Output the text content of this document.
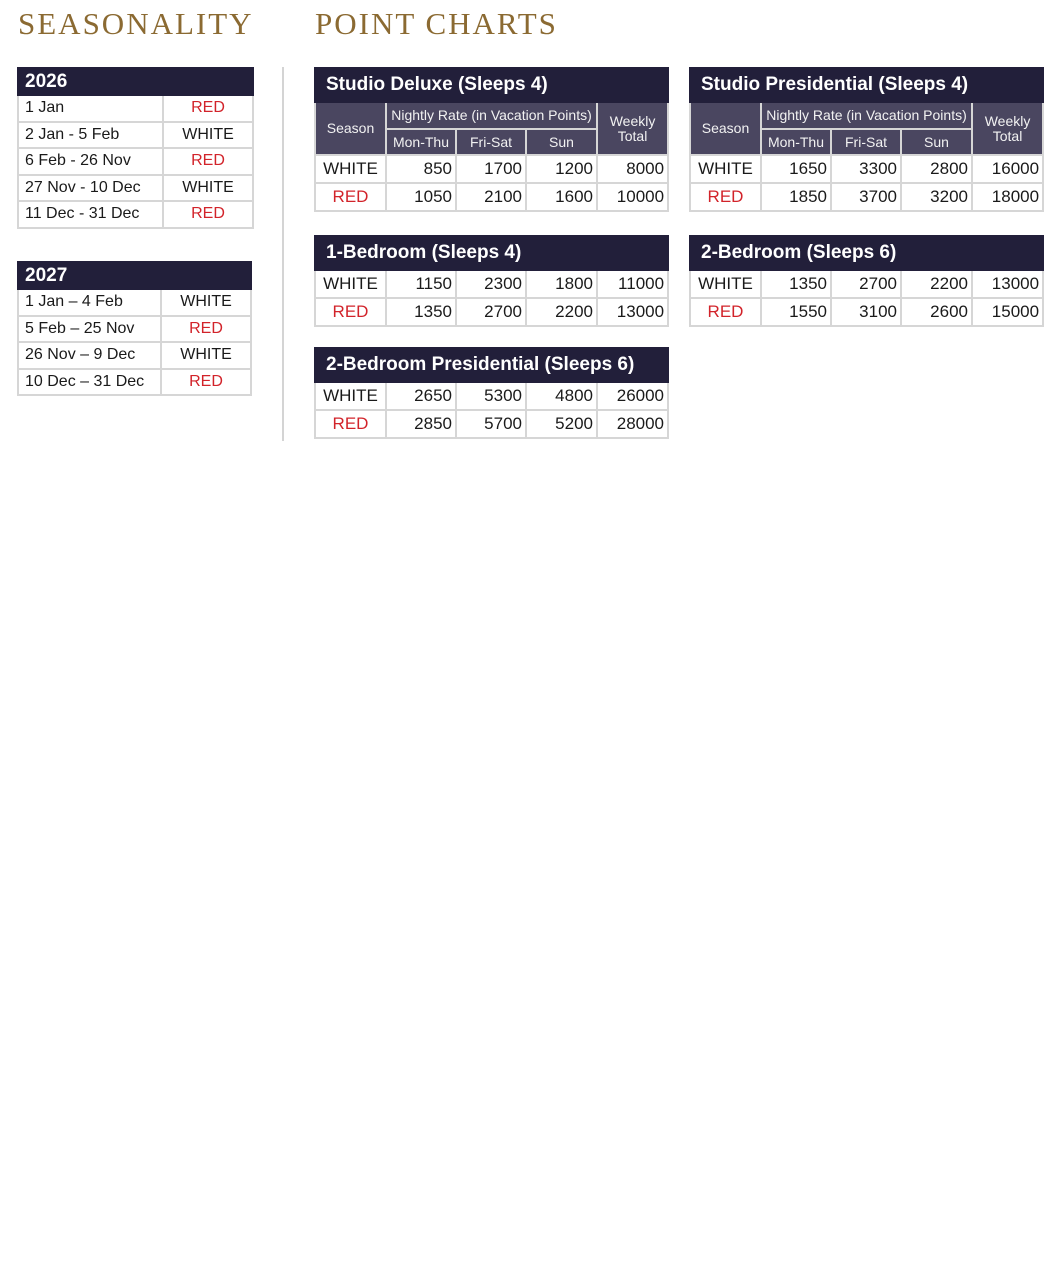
SEASONALITY POINT CHARTS
2026	
1 Jan	RED
2 Jan - 5 Feb	WHITE
6 Feb - 26 Nov	RED
27 Nov - 10 Dec	WHITE
11 Dec - 31 Dec	RED
2027	
1 Jan – 4 Feb	WHITE
5 Feb – 25 Nov	RED
26 Nov – 9 Dec	WHITE
10 Dec – 31 Dec	RED
Studio Deluxe (Sleeps 4)				
Season	Nightly Rate (in Vacation Points)			Weekly Total
	Mon-Thu	Fri-Sat	Sun	
WHITE	850	1700	1200	8000
RED	1050	2100	1600	10000
Studio Presidential (Sleeps 4)				
Season	Nightly Rate (in Vacation Points)			Weekly Total
	Mon-Thu	Fri-Sat	Sun	
WHITE	1650	3300	2800	16000
RED	1850	3700	3200	18000
1-Bedroom (Sleeps 4)				
WHITE	1150	2300	1800	11000
RED	1350	2700	2200	13000
2-Bedroom (Sleeps 6)				
WHITE	1350	2700	2200	13000
RED	1550	3100	2600	15000
2-Bedroom Presidential (Sleeps 6)				
WHITE	2650	5300	4800	26000
RED	2850	5700	5200	28000
